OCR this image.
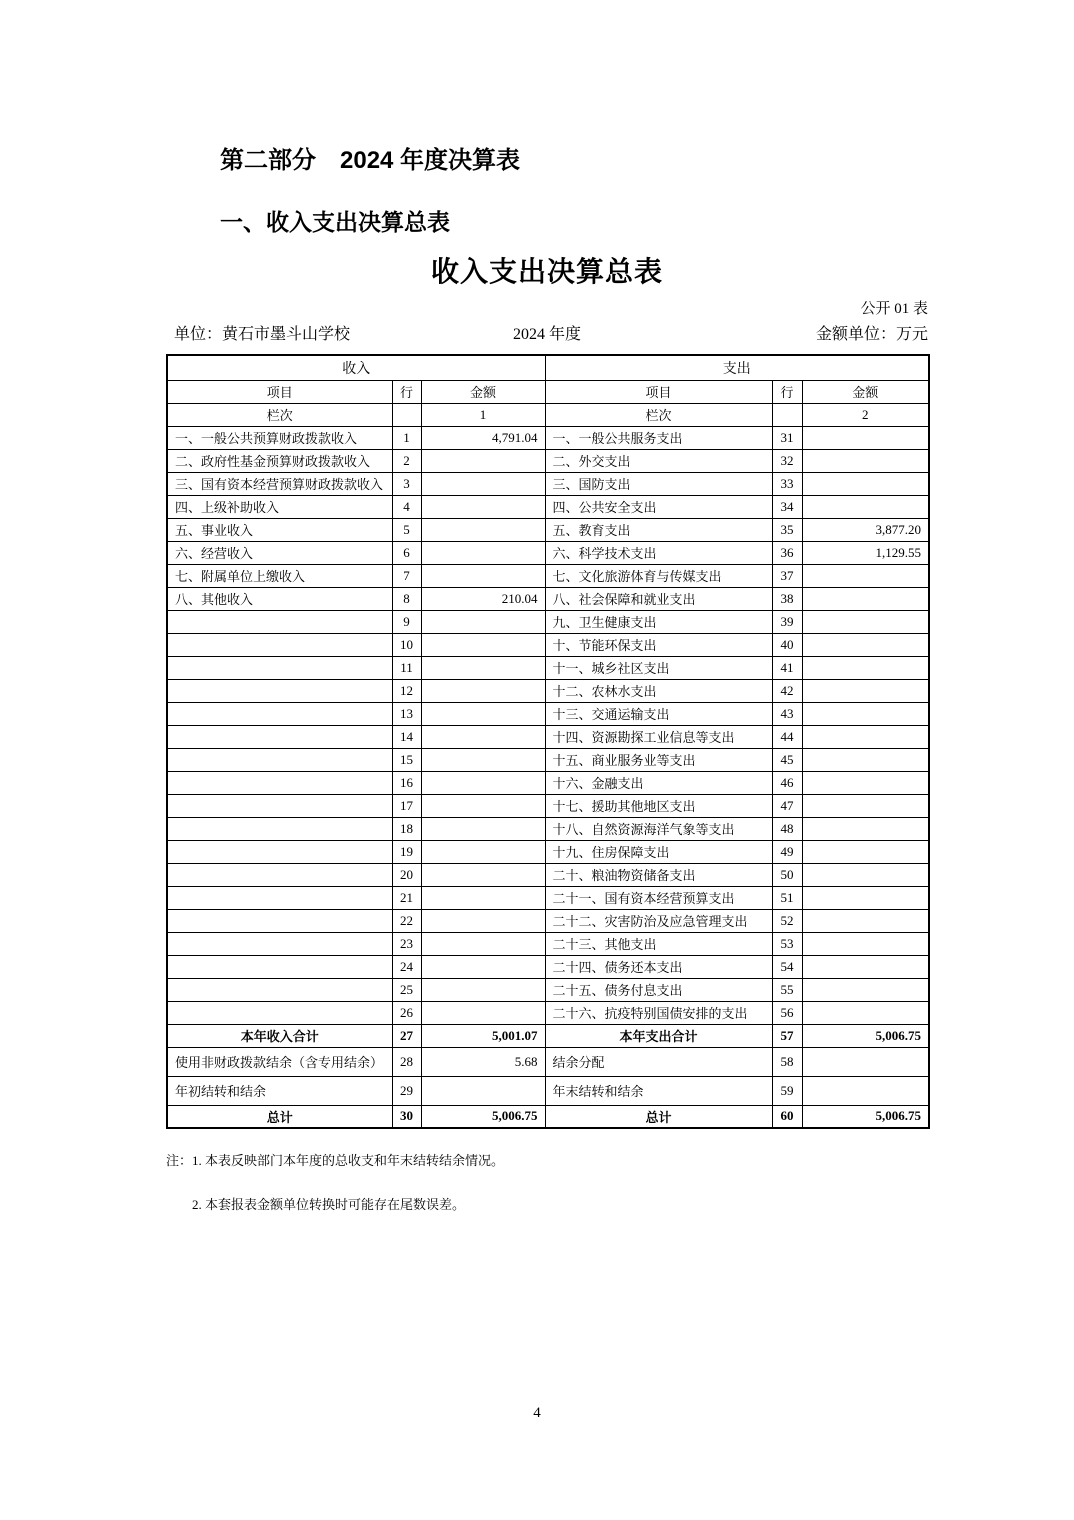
第二部分　2024 年度决算表
一、收入支出决算总表
收入支出决算总表
公开 01 表
单位：黄石市墨斗山学校	2024 年度	金额单位：万元
收入			支出		
项目	行	金额	项目	行	金额
栏次		1	栏次		2
一、一般公共预算财政拨款收入	1	4,791.04	一、一般公共服务支出	31	
二、政府性基金预算财政拨款收入	2		二、外交支出	32	
三、国有资本经营预算财政拨款收入	3		三、国防支出	33	
四、上级补助收入	4		四、公共安全支出	34	
五、事业收入	5		五、教育支出	35	3,877.20
六、经营收入	6		六、科学技术支出	36	1,129.55
七、附属单位上缴收入	7		七、文化旅游体育与传媒支出	37	
八、其他收入	8	210.04	八、社会保障和就业支出	38	
	9		九、卫生健康支出	39	
	10		十、节能环保支出	40	
	11		十一、城乡社区支出	41	
	12		十二、农林水支出	42	
	13		十三、交通运输支出	43	
	14		十四、资源勘探工业信息等支出	44	
	15		十五、商业服务业等支出	45	
	16		十六、金融支出	46	
	17		十七、援助其他地区支出	47	
	18		十八、自然资源海洋气象等支出	48	
	19		十九、住房保障支出	49	
	20		二十、粮油物资储备支出	50	
	21		二十一、国有资本经营预算支出	51	
	22		二十二、灾害防治及应急管理支出	52	
	23		二十三、其他支出	53	
	24		二十四、债务还本支出	54	
	25		二十五、债务付息支出	55	
	26		二十六、抗疫特别国债安排的支出	56	
本年收入合计	27	5,001.07	本年支出合计	57	5,006.75
使用非财政拨款结余（含专用结余）	28	5.68	结余分配	58	
年初结转和结余	29		年末结转和结余	59	
总计	30	5,006.75	总计	60	5,006.75
注：1. 本表反映部门本年度的总收支和年末结转结余情况。
2. 本套报表金额单位转换时可能存在尾数误差。
4
